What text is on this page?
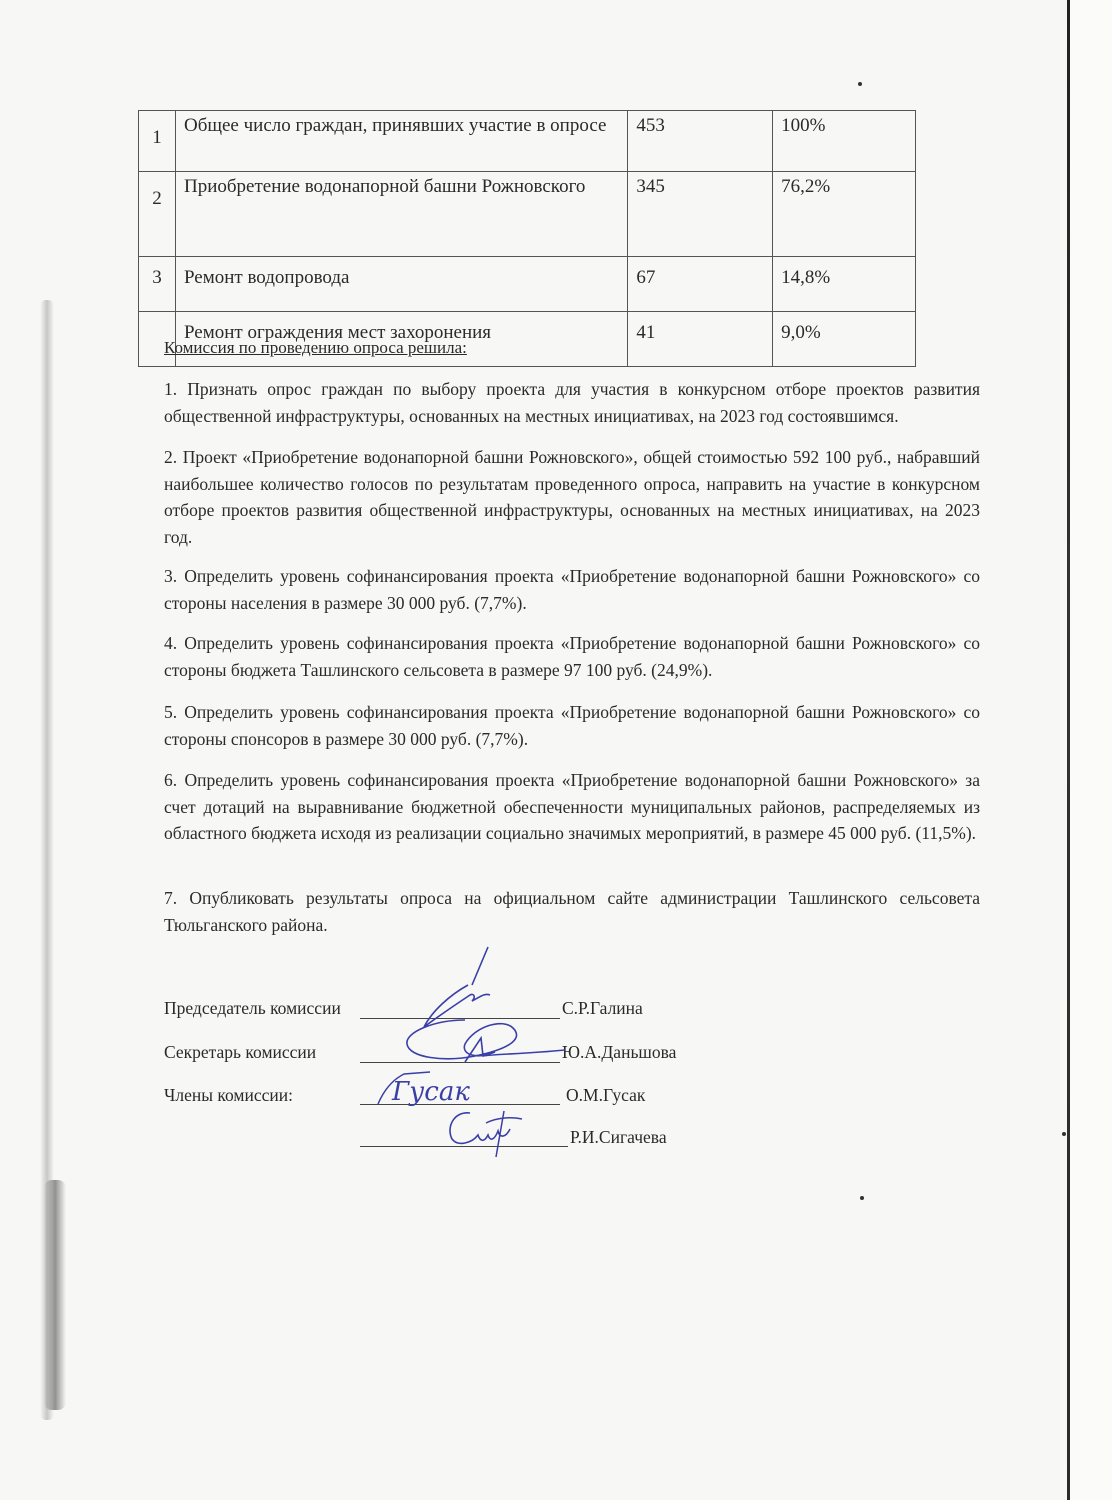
1	Общее число граждан, принявших участие в опросе	453	100%
2	Приобретение водонапорной башни Рожновского	345	76,2%
3	Ремонт водопровода	67	14,8%
	Ремонт ограждения мест захоронения	41	9,0%
Комиссия по проведению опроса решила:

1. Признать опрос граждан по выбору проекта для участия в конкурсном отборе проектов развития общественной инфраструктуры, основанных на местных инициативах, на 2023 год состоявшимся.

2. Проект «Приобретение водонапорной башни Рожновского», общей стоимостью 592 100 руб., набравший наибольшее количество голосов по результатам проведенного опроса, направить на участие в конкурсном отборе проектов развития общественной инфраструктуры, основанных на местных инициативах, на 2023 год.

3. Определить уровень софинансирования проекта «Приобретение водонапорной башни Рожновского» со стороны населения в размере 30 000 руб. (7,7%).

4. Определить уровень софинансирования проекта «Приобретение водонапорной башни Рожновского» со стороны бюджета Ташлинского сельсовета в размере 97 100 руб. (24,9%).

5. Определить уровень софинансирования проекта «Приобретение водонапорной башни Рожновского» со стороны спонсоров в размере 30 000 руб. (7,7%).

6. Определить уровень софинансирования проекта «Приобретение водонапорной башни Рожновского» за счет дотаций на выравнивание бюджетной обеспеченности муниципальных районов, распределяемых из областного бюджета исходя из реализации социально значимых мероприятий, в размере 45 000 руб. (11,5%).

7. Опубликовать результаты опроса на официальном сайте администрации Ташлинского сельсовета Тюльганского района.

Председатель комиссии	С.Р.Галина
Секретарь комиссии	Ю.А.Даньшова
Члены комиссии:	О.М.Гусак
Р.И.Сигачева
Гусак
